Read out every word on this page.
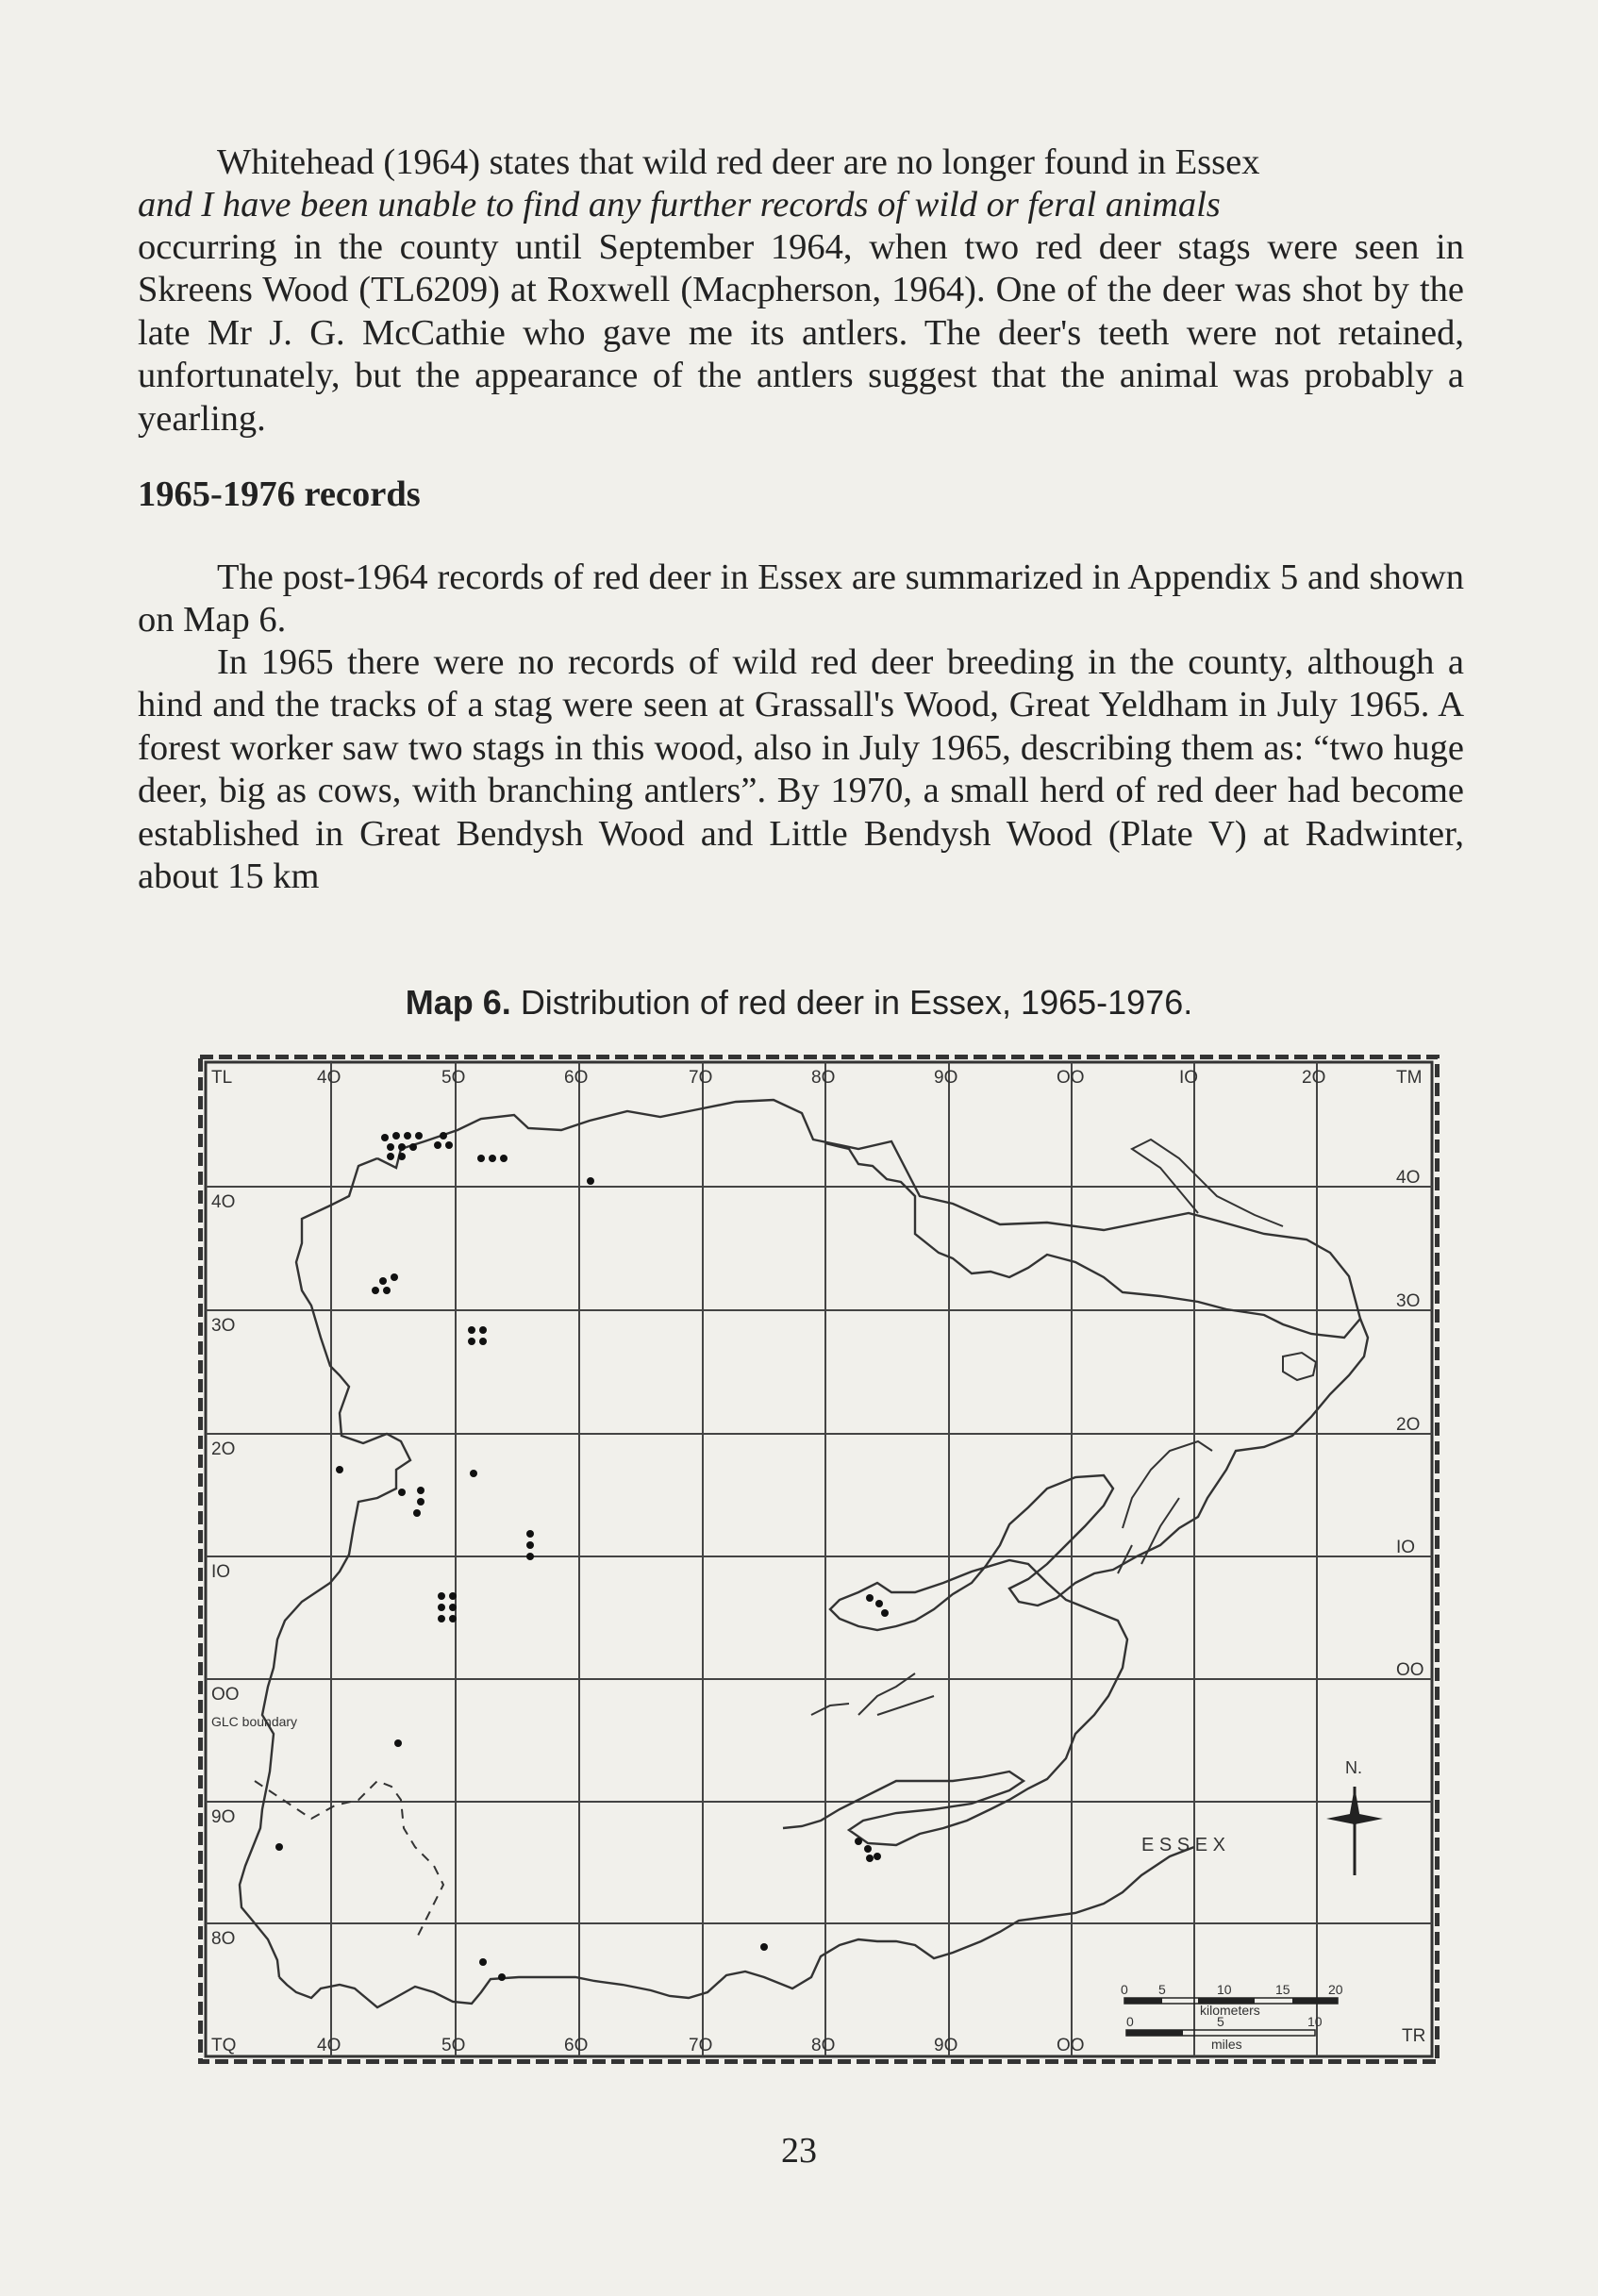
Whitehead (1964) states that wild red deer are no longer found in Essex

and I have been unable to find any further records of wild or feral animals

occurring in the county until September 1964, when two red deer stags were seen in Skreens Wood (TL6209) at Roxwell (Macpherson, 1964). One of the deer was shot by the late Mr J. G. McCathie who gave me its antlers. The deer's teeth were not retained, unfortunately, but the appearance of the antlers suggest that the animal was probably a yearling.

1965-1976 records

The post-1964 records of red deer in Essex are summarized in Appendix 5 and shown on Map 6.

In 1965 there were no records of wild red deer breeding in the county, although a hind and the tracks of a stag were seen at Grassall's Wood, Great Yeldham in July 1965. A forest worker saw two stags in this wood, also in July 1965, describing them as: “two huge deer, big as cows, with branching antlers”. By 1970, a small herd of red deer had become established in Great Bendysh Wood and Little Bendysh Wood (Plate V) at Radwinter, about 15 km

Map 6. Distribution of red deer in Essex, 1965-1976.
TL	4O	5O	6O	7O	8O	9O	OO	IO	2O	TM
TQ	4O	5O	6O	7O	8O	9O	OO	TR
4O
3O
2O
IO
OO
9O
8O
4O
3O
2O
IO
OO
GLC boundary
E S S E X
N.
0 5	10	15	20
kilometers
0	5	10
miles
23
